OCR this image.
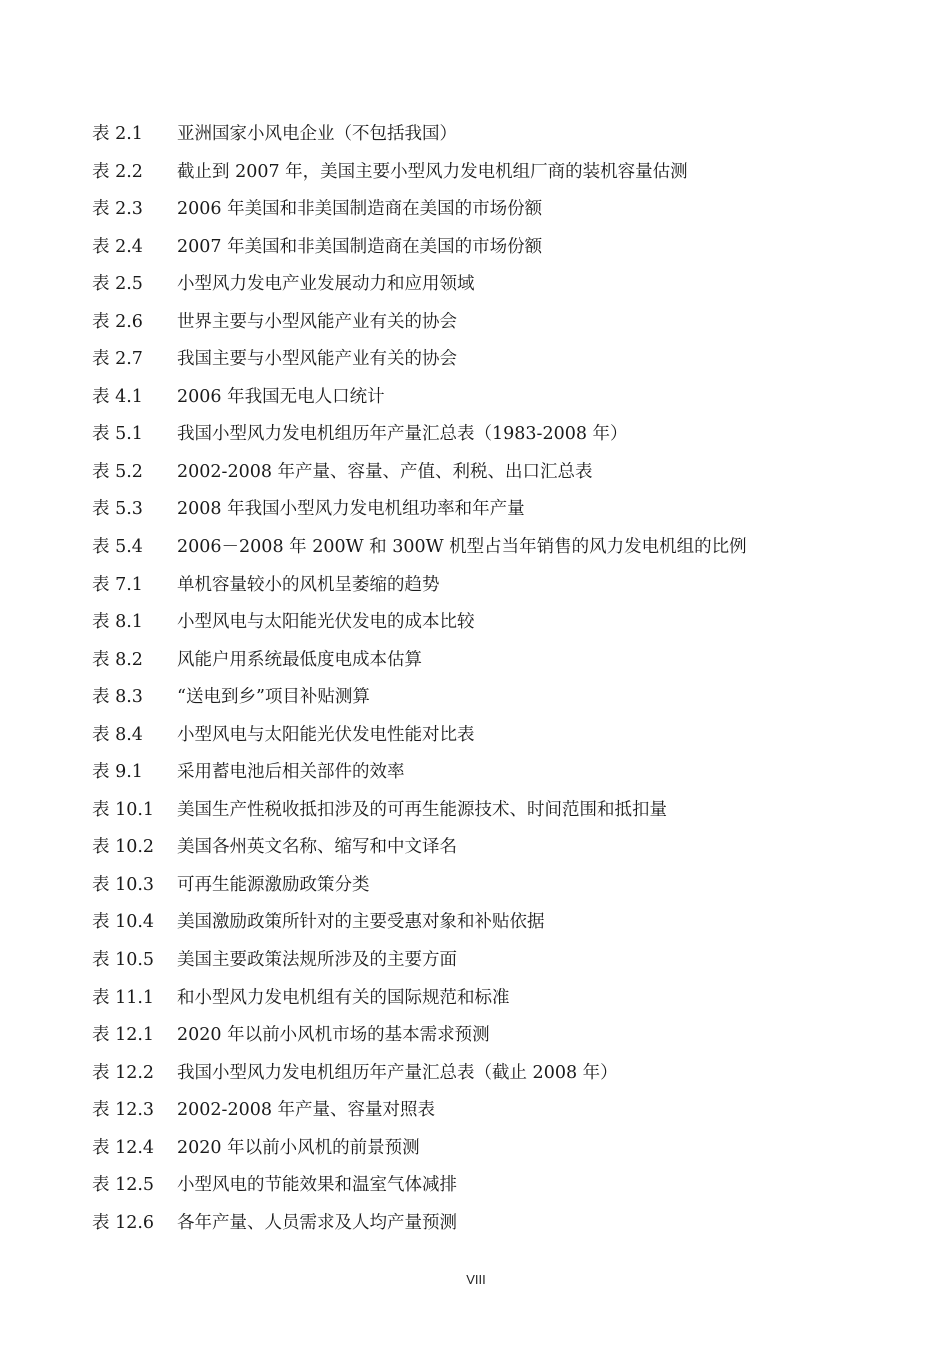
表 2.1	亚洲国家小风电企业（不包括我国）
表 2.2	截止到 2007 年，美国主要小型风力发电机组厂商的装机容量估测
表 2.3	2006 年美国和非美国制造商在美国的市场份额
表 2.4	2007 年美国和非美国制造商在美国的市场份额
表 2.5	小型风力发电产业发展动力和应用领域
表 2.6	世界主要与小型风能产业有关的协会
表 2.7	我国主要与小型风能产业有关的协会
表 4.1	2006 年我国无电人口统计
表 5.1	我国小型风力发电机组历年产量汇总表（1983-2008 年）
表 5.2	2002-2008 年产量、容量、产值、利税、出口汇总表
表 5.3	2008 年我国小型风力发电机组功率和年产量
表 5.4	2006－2008 年 200W 和 300W 机型占当年销售的风力发电机组的比例
表 7.1	单机容量较小的风机呈萎缩的趋势
表 8.1	小型风电与太阳能光伏发电的成本比较
表 8.2	风能户用系统最低度电成本估算
表 8.3	“送电到乡”项目补贴测算
表 8.4	小型风电与太阳能光伏发电性能对比表
表 9.1	采用蓄电池后相关部件的效率
表 10.1	美国生产性税收抵扣涉及的可再生能源技术、时间范围和抵扣量
表 10.2	美国各州英文名称、缩写和中文译名
表 10.3	可再生能源激励政策分类
表 10.4	美国激励政策所针对的主要受惠对象和补贴依据
表 10.5	美国主要政策法规所涉及的主要方面
表 11.1	和小型风力发电机组有关的国际规范和标准
表 12.1	2020 年以前小风机市场的基本需求预测
表 12.2	我国小型风力发电机组历年产量汇总表（截止 2008 年）
表 12.3	2002-2008 年产量、容量对照表
表 12.4	2020 年以前小风机的前景预测
表 12.5	小型风电的节能效果和温室气体减排
表 12.6	各年产量、人员需求及人均产量预测
VIII
